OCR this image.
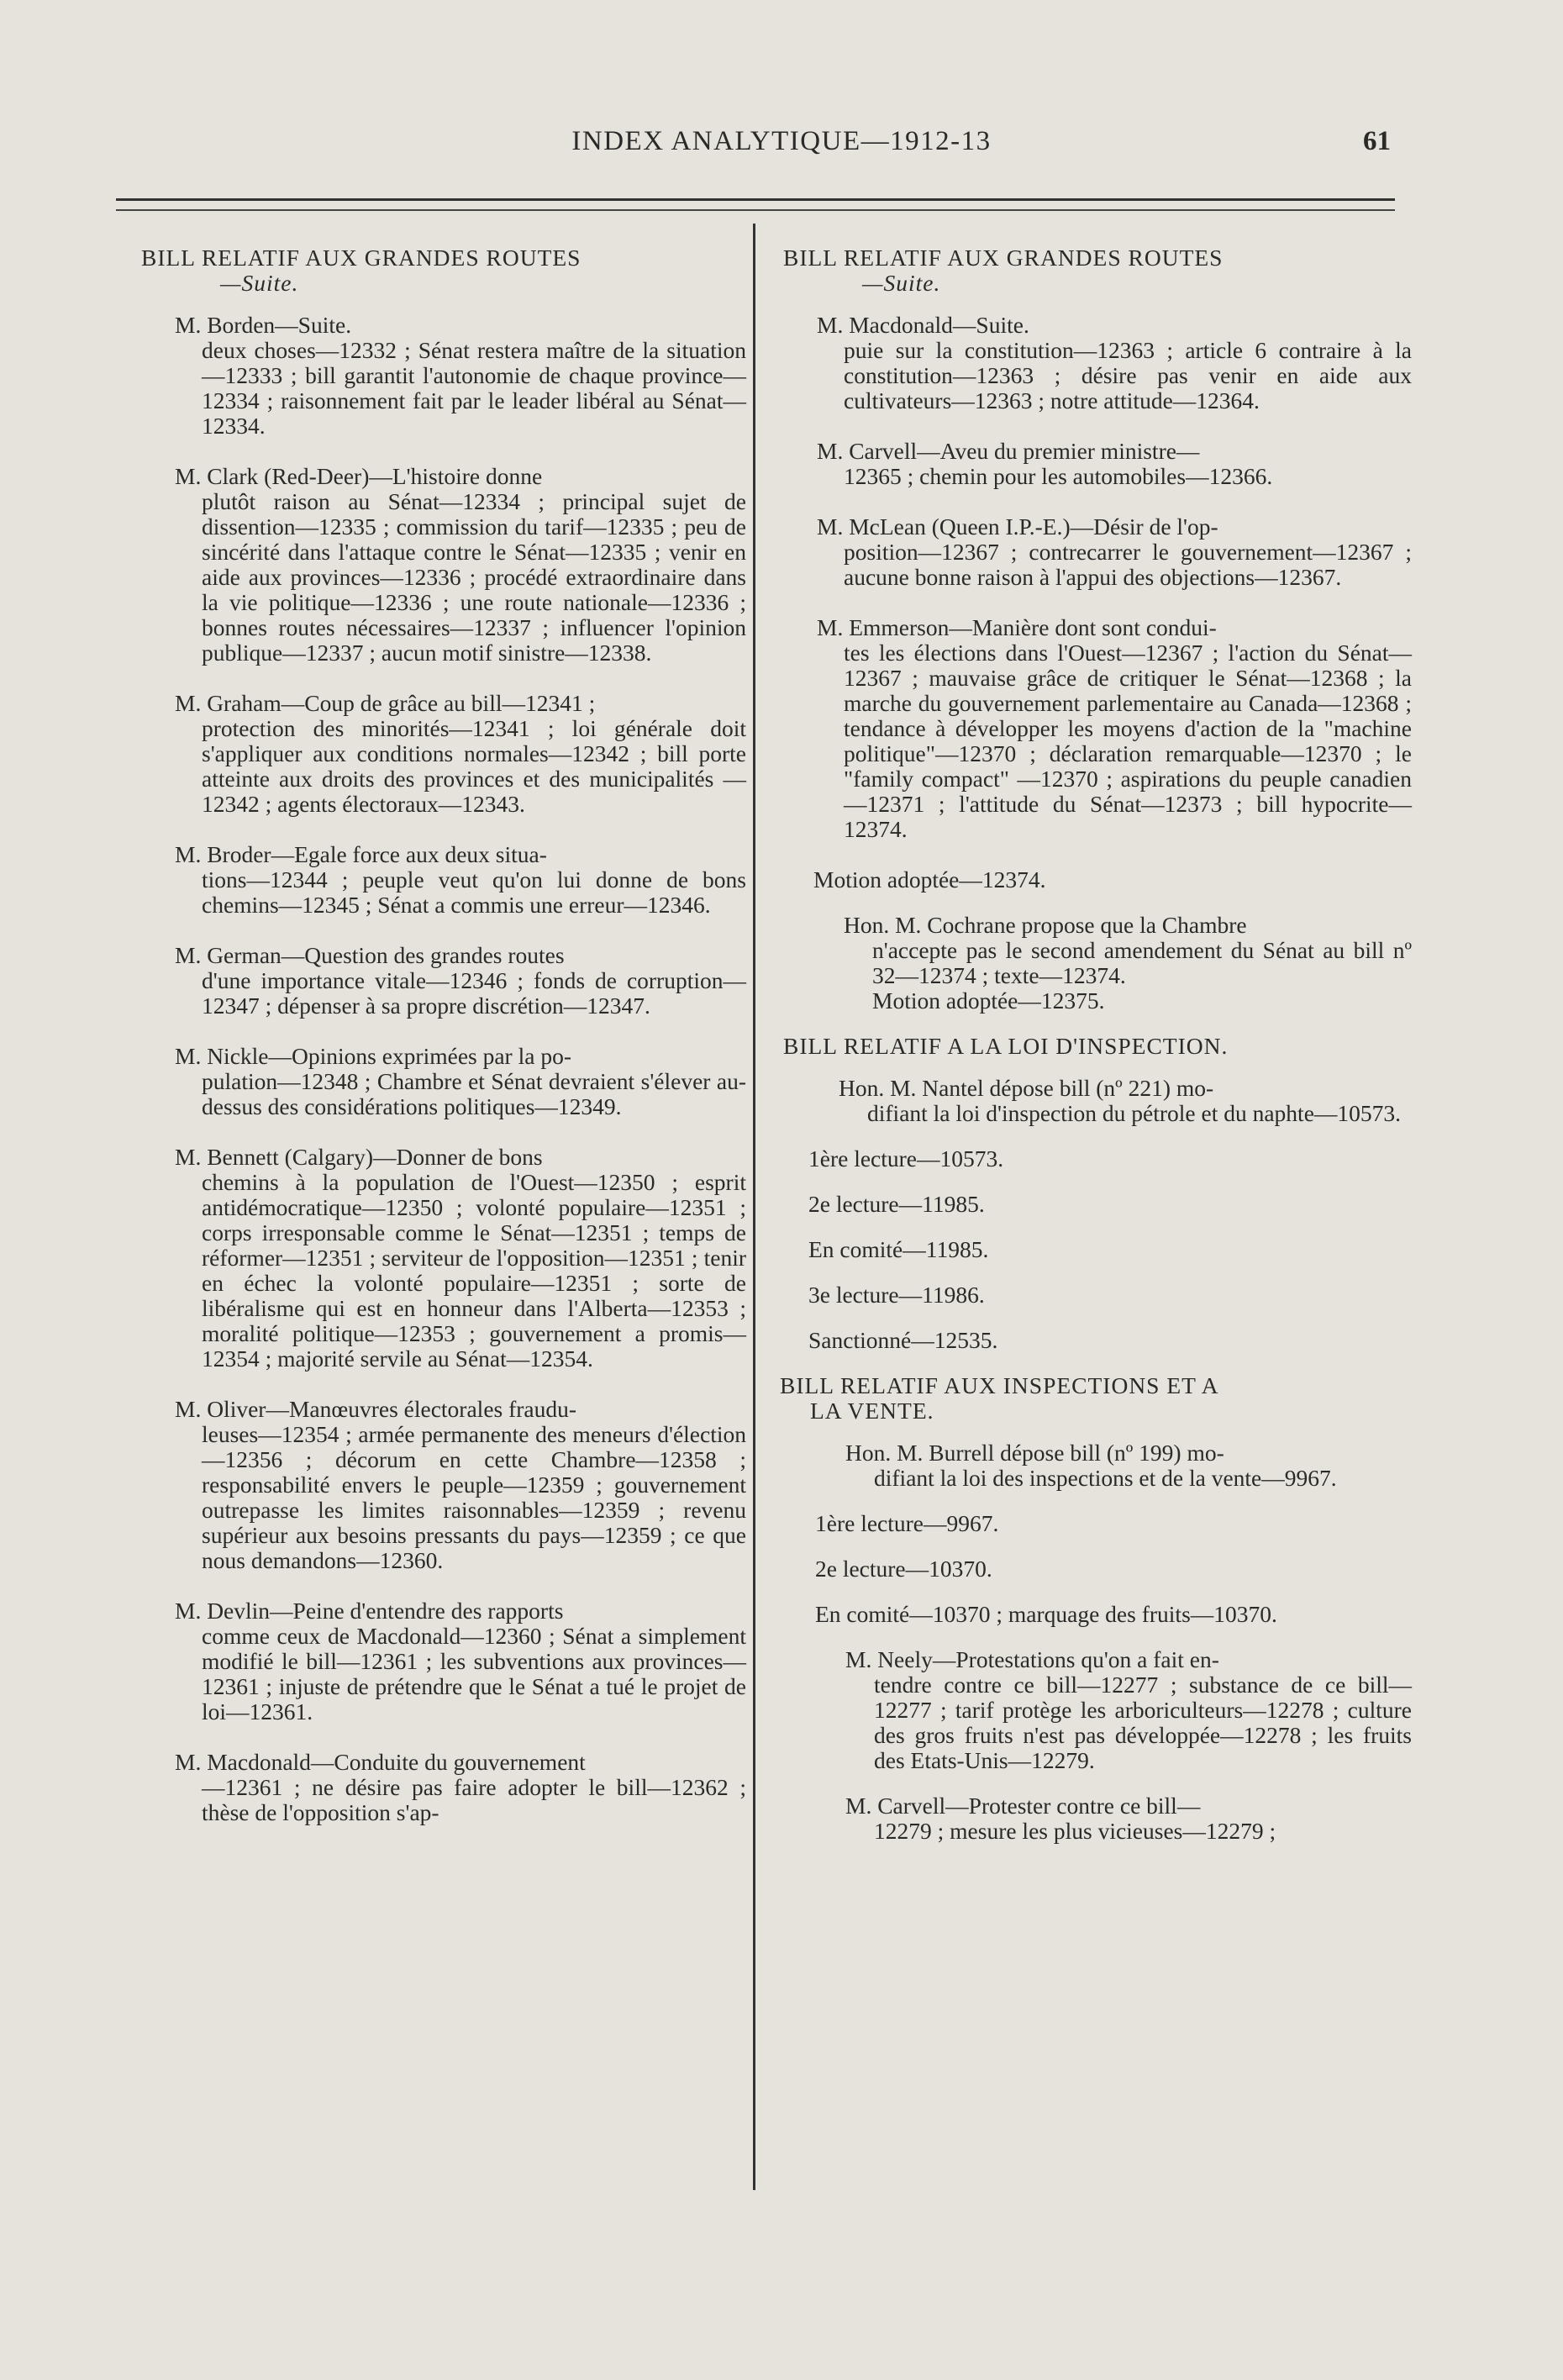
INDEX ANALYTIQUE—1912-13	61
BILL RELATIF AUX GRANDES ROUTES
—Suite.
M. Borden—Suite.
deux choses—12332 ; Sénat restera maître de la situation—12333 ; bill garantit l'autonomie de chaque province—12334 ; raisonnement fait par le leader libéral au Sénat—12334.
M. Clark (Red-Deer)—L'histoire donne
plutôt raison au Sénat—12334 ; principal sujet de dissention—12335 ; commission du tarif—12335 ; peu de sincérité dans l'attaque contre le Sénat—12335 ; venir en aide aux provinces—12336 ; procédé extraordinaire dans la vie politique—12336 ; une route nationale—12336 ; bonnes routes nécessaires—12337 ; influencer l'opinion publique—12337 ; aucun motif sinistre—12338.
M. Graham—Coup de grâce au bill—12341 ;
protection des minorités—12341 ; loi générale doit s'appliquer aux conditions normales—12342 ; bill porte atteinte aux droits des provinces et des municipalités —12342 ; agents électoraux—12343.
M. Broder—Egale force aux deux situa-
tions—12344 ; peuple veut qu'on lui donne de bons chemins—12345 ; Sénat a commis une erreur—12346.
M. German—Question des grandes routes
d'une importance vitale—12346 ; fonds de corruption—12347 ; dépenser à sa propre discrétion—12347.
M. Nickle—Opinions exprimées par la po-
pulation—12348 ; Chambre et Sénat devraient s'élever au-dessus des considérations politiques—12349.
M. Bennett (Calgary)—Donner de bons
chemins à la population de l'Ouest—12350 ; esprit antidémocratique—12350 ; volonté populaire—12351 ; corps irresponsable comme le Sénat—12351 ; temps de réformer—12351 ; serviteur de l'opposition—12351 ; tenir en échec la volonté populaire—12351 ; sorte de libéralisme qui est en honneur dans l'Alberta—12353 ; moralité politique—12353 ; gouvernement a promis—12354 ; majorité servile au Sénat—12354.
M. Oliver—Manœuvres électorales fraudu-
leuses—12354 ; armée permanente des meneurs d'élection—12356 ; décorum en cette Chambre—12358 ; responsabilité envers le peuple—12359 ; gouvernement outrepasse les limites raisonnables—12359 ; revenu supérieur aux besoins pressants du pays—12359 ; ce que nous demandons—12360.
M. Devlin—Peine d'entendre des rapports
comme ceux de Macdonald—12360 ; Sénat a simplement modifié le bill—12361 ; les subventions aux provinces—12361 ; injuste de prétendre que le Sénat a tué le projet de loi—12361.
M. Macdonald—Conduite du gouvernement
—12361 ; ne désire pas faire adopter le bill—12362 ; thèse de l'opposition s'ap-
BILL RELATIF AUX GRANDES ROUTES
—Suite.
M. Macdonald—Suite.
puie sur la constitution—12363 ; article 6 contraire à la constitution—12363 ; désire pas venir en aide aux cultivateurs—12363 ; notre attitude—12364.
M. Carvell—Aveu du premier ministre—
12365 ; chemin pour les automobiles—12366.
M. McLean (Queen I.P.-E.)—Désir de l'op-
position—12367 ; contrecarrer le gouvernement—12367 ; aucune bonne raison à l'appui des objections—12367.
M. Emmerson—Manière dont sont condui-
tes les élections dans l'Ouest—12367 ; l'action du Sénat—12367 ; mauvaise grâce de critiquer le Sénat—12368 ; la marche du gouvernement parlementaire au Canada—12368 ; tendance à développer les moyens d'action de la "machine politique"—12370 ; déclaration remarquable—12370 ; le "family compact" —12370 ; aspirations du peuple canadien —12371 ; l'attitude du Sénat—12373 ; bill hypocrite—12374.
Motion adoptée—12374.
Hon. M. Cochrane propose que la Chambre
n'accepte pas le second amendement du Sénat au bill nº 32—12374 ; texte—12374.
Motion adoptée—12375.
BILL RELATIF A LA LOI D'INSPECTION.
Hon. M. Nantel dépose bill (nº 221) mo-
difiant la loi d'inspection du pétrole et du naphte—10573.
1ère lecture—10573.
2e lecture—11985.
En comité—11985.
3e lecture—11986.
Sanctionné—12535.
BILL RELATIF AUX INSPECTIONS ET A
LA VENTE.
Hon. M. Burrell dépose bill (nº 199) mo-
difiant la loi des inspections et de la vente—9967.
1ère lecture—9967.
2e lecture—10370.
En comité—10370 ; marquage des fruits—10370.
M. Neely—Protestations qu'on a fait en-
tendre contre ce bill—12277 ; substance de ce bill—12277 ; tarif protège les arboriculteurs—12278 ; culture des gros fruits n'est pas développée—12278 ; les fruits des Etats-Unis—12279.
M. Carvell—Protester contre ce bill—
12279 ; mesure les plus vicieuses—12279 ;
